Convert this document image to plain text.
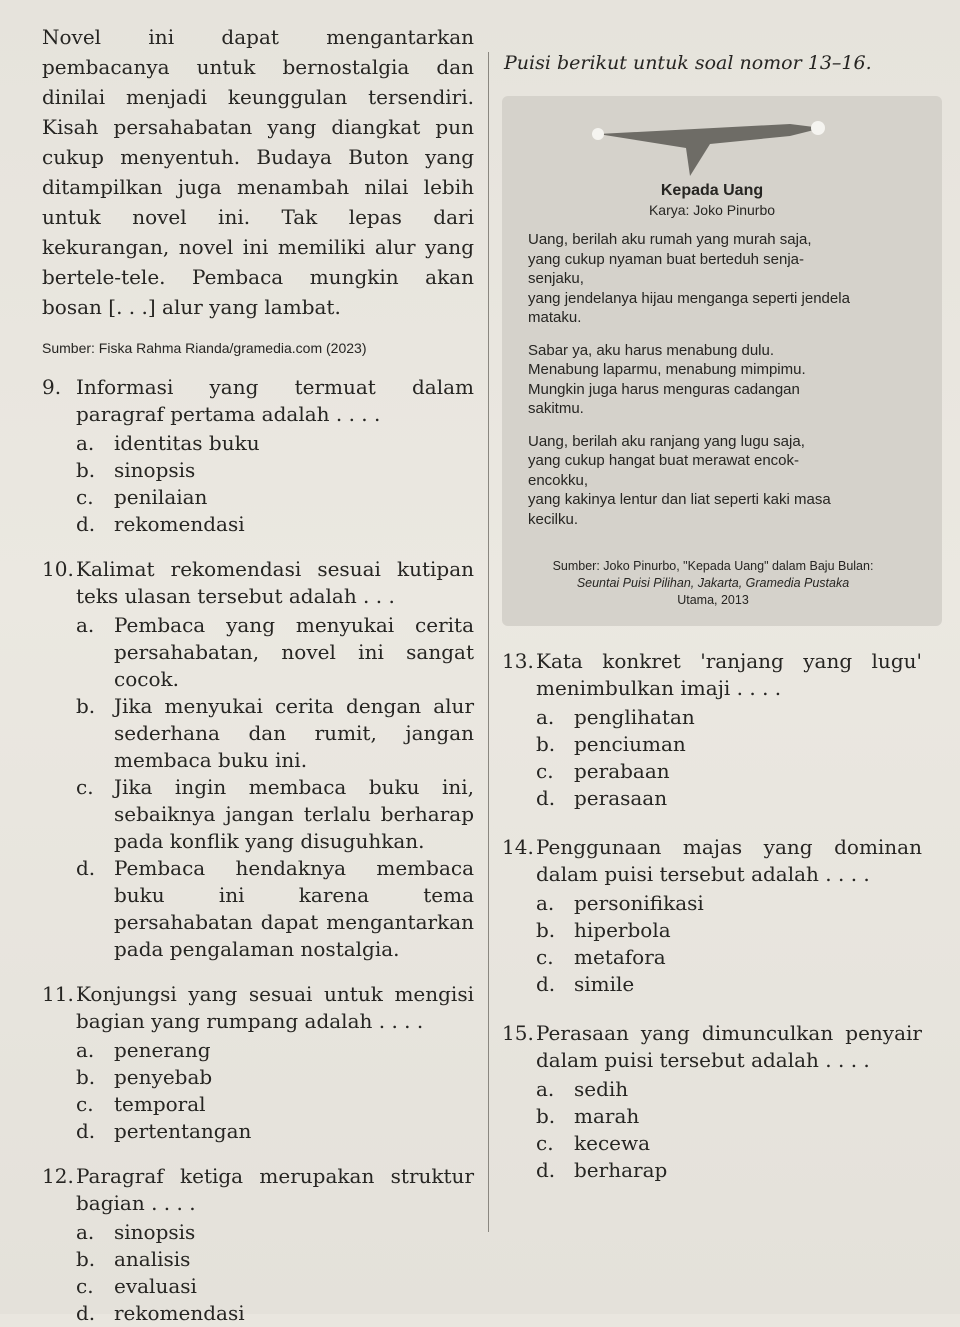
Novel ini dapat mengantarkan pembacanya untuk bernostalgia dan dinilai menjadi keunggulan tersendiri. Kisah persahabatan yang diangkat pun cukup menyentuh. Budaya Buton yang ditampilkan juga menambah nilai lebih untuk novel ini. Tak lepas dari kekurangan, novel ini memiliki alur yang bertele-tele. Pembaca mungkin akan bosan [. . .] alur yang lambat.

Sumber: Fiska Rahma Rianda/gramedia.com (2023)

9. Informasi yang termuat dalam paragraf pertama adalah . . . .
a. identitas buku
b. sinopsis
c.	penilaian
d. rekomendasi
10. Kalimat rekomendasi sesuai kutipan teks ulasan tersebut adalah . . .
a. Pembaca yang menyukai cerita persahabatan, novel ini sangat cocok.
b. Jika menyukai cerita dengan alur sederhana dan rumit, jangan membaca buku ini.
c.	Jika ingin membaca buku ini, sebaiknya jangan terlalu berharap pada konflik yang disuguhkan.
d. Pembaca hendaknya membaca buku ini karena tema persahabatan dapat mengantarkan pada pengalaman nostalgia.
11. Konjungsi yang sesuai untuk mengisi bagian yang rumpang adalah . . . .
a. penerang
b. penyebab
c.	temporal
d. pertentangan
12. Paragraf ketiga merupakan struktur bagian . . . .
a. sinopsis
b. analisis
c.	evaluasi
d. rekomendasi

Puisi berikut untuk soal nomor 13–16.

Kepada Uang
Karya: Joko Pinurbo
Uang, berilah aku rumah yang murah saja,
yang cukup nyaman buat berteduh senja-
senjaku,
yang jendelanya hijau menganga seperti jendela
mataku.
Sabar ya, aku harus menabung dulu.
Menabung laparmu, menabung mimpimu.
Mungkin juga harus menguras cadangan
sakitmu.
Uang, berilah aku ranjang yang lugu saja,
yang cukup hangat buat merawat encok-
encokku,
yang kakinya lentur dan liat seperti kaki masa
kecilku.
Sumber: Joko Pinurbo, "Kepada Uang" dalam Baju Bulan:
Seuntai Puisi Pilihan, Jakarta, Gramedia Pustaka
Utama, 2013
13. Kata konkret 'ranjang yang lugu' menimbulkan imaji . . . .
a. penglihatan
b. penciuman
c.	perabaan
d. perasaan
14. Penggunaan majas yang dominan dalam puisi tersebut adalah . . . .
a. personifikasi
b. hiperbola
c.	metafora
d. simile
15. Perasaan yang dimunculkan penyair dalam puisi tersebut adalah . . . .
a. sedih
b. marah
c.	kecewa
d. berharap
